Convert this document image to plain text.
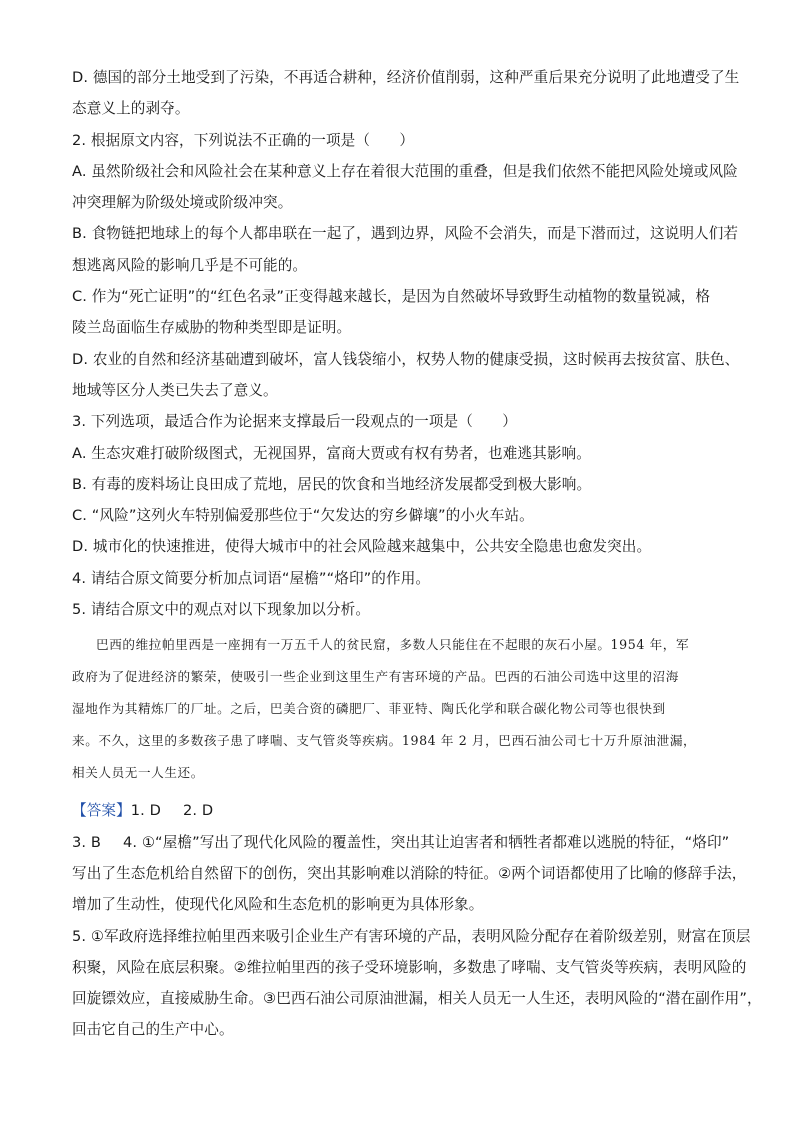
D. 德国的部分土地受到了污染，不再适合耕种，经济价值削弱，这种严重后果充分说明了此地遭受了生
态意义上的剥夺。
2. 根据原文内容，下列说法不正确的一项是（　　）
A. 虽然阶级社会和风险社会在某种意义上存在着很大范围的重叠，但是我们依然不能把风险处境或风险
冲突理解为阶级处境或阶级冲突。
B. 食物链把地球上的每个人都串联在一起了，遇到边界，风险不会消失，而是下潜而过，这说明人们若
想逃离风险的影响几乎是不可能的。
C. 作为“死亡证明”的“红色名录”正变得越来越长，是因为自然破坏导致野生动植物的数量锐减，格
陵兰岛面临生存威胁的物种类型即是证明。
D. 农业的自然和经济基础遭到破坏，富人钱袋缩小，权势人物的健康受损，这时候再去按贫富、肤色、
地域等区分人类已失去了意义。
3. 下列选项，最适合作为论据来支撑最后一段观点的一项是（　　）
A. 生态灾难打破阶级图式，无视国界，富商大贾或有权有势者，也难逃其影响。
B. 有毒的废料场让良田成了荒地，居民的饮食和当地经济发展都受到极大影响。
C. “风险”这列火车特别偏爱那些位于“欠发达的穷乡僻壤”的小火车站。
D. 城市化的快速推进，使得大城市中的社会风险越来越集中，公共安全隐患也愈发突出。
4. 请结合原文简要分析加点词语“屋檐”“烙印”的作用。
5. 请结合原文中的观点对以下现象加以分析。
巴西的维拉帕里西是一座拥有一万五千人的贫民窟，多数人只能住在不起眼的灰石小屋。1954 年，军
政府为了促进经济的繁荣，使吸引一些企业到这里生产有害环境的产品。巴西的石油公司选中这里的沼海
湿地作为其精炼厂的厂址。之后，巴美合资的磷肥厂、菲亚特、陶氏化学和联合碳化物公司等也很快到
来。不久，这里的多数孩子患了哮喘、支气管炎等疾病。1984 年 2 月，巴西石油公司七十万升原油泄漏，
相关人员无一人生还。
【答案】1. D 2. D
3. B 4. ①“屋檐”写出了现代化风险的覆盖性，突出其让迫害者和牺牲者都难以逃脱的特征，“烙印”
写出了生态危机给自然留下的创伤，突出其影响难以消除的特征。②两个词语都使用了比喻的修辞手法，
增加了生动性，使现代化风险和生态危机的影响更为具体形象。
5. ①军政府选择维拉帕里西来吸引企业生产有害环境的产品，表明风险分配存在着阶级差别，财富在顶层
积聚，风险在底层积聚。②维拉帕里西的孩子受环境影响，多数患了哮喘、支气管炎等疾病，表明风险的
回旋镖效应，直接威胁生命。③巴西石油公司原油泄漏，相关人员无一人生还，表明风险的“潜在副作用”，
回击它自己的生产中心。
